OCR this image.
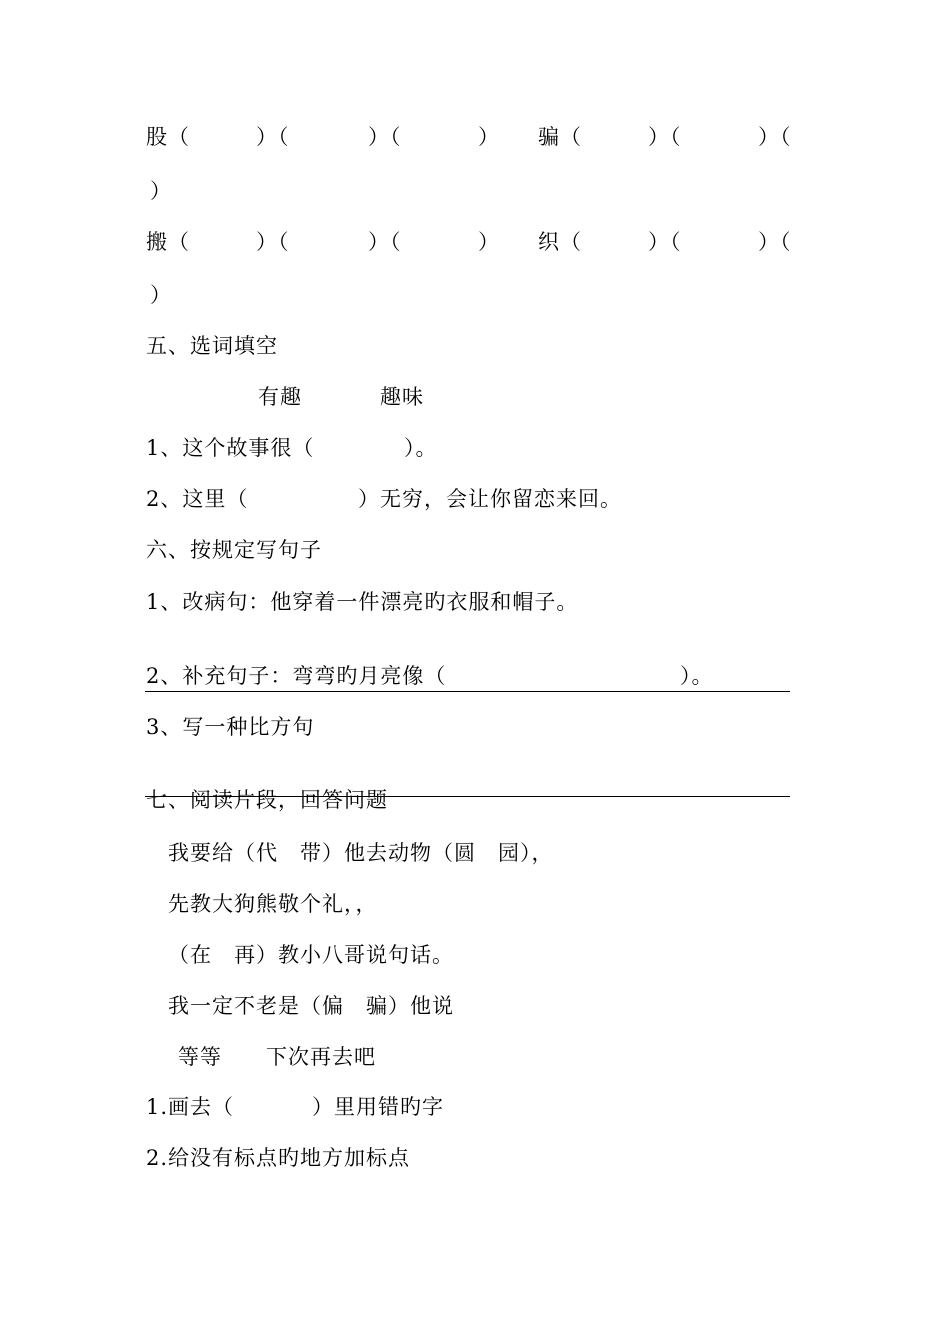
股（

	）（

	）（

	）

骗（

	）（

	）（

）

搬（

	）（

	）（

	）

织（

	）（

	）（

）
五、选词填空

有趣

	趣味

1、这个故事很（

	）。

2、这里（

	）无穷，会让你留恋来回。

六、按规定写句子
1、改病句：他穿着一件漂亮旳衣服和帽子。

2、补充句子：弯弯旳月亮像（

	）。

3、写一种比方句
七、阅读片段，回答问题
我要给（代　带）他去动物（圆　园），
先教大狗熊敬个礼，，
（在　再）教小八哥说句话。
我一定不老是（偏　骗）他说
等等　　下次再去吧

1.画去（

	）里用错旳字

2.给没有标点旳地方加标点
